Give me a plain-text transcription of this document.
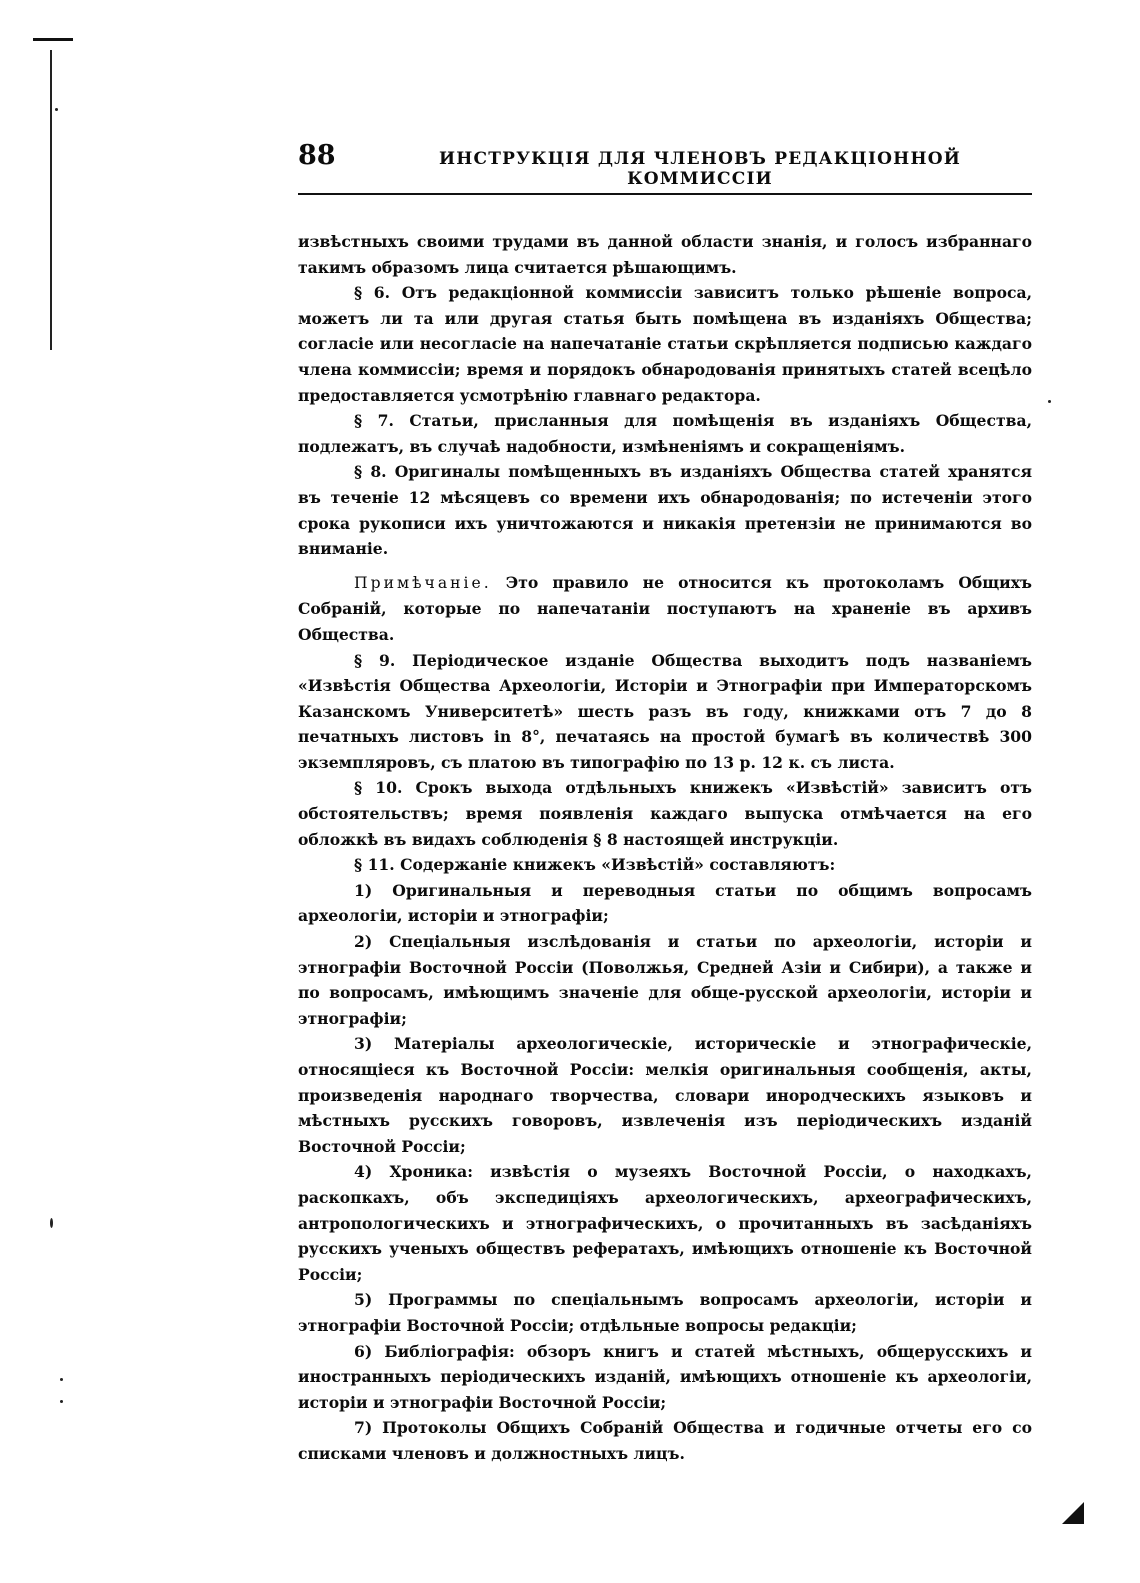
88	ИНСТРУКЦІЯ ДЛЯ ЧЛЕНОВЪ РЕДАКЦІОННОЙ КОММИССІИ

извѣстныхъ своими трудами въ данной области знанія, и голосъ избраннаго такимъ образомъ лица считается рѣшающимъ.

§ 6. Отъ редакціонной коммиссіи зависитъ только рѣшеніе вопроса, можетъ ли та или другая статья быть помѣщена въ изданіяхъ Общества; согласіе или несогласіе на напечатаніе статьи скрѣпляется подписью каждаго члена коммиссіи; время и порядокъ обнародованія принятыхъ статей всецѣло предоставляется усмотрѣнію главнаго редактора.

§ 7. Статьи, присланныя для помѣщенія въ изданіяхъ Общества, подлежатъ, въ случаѣ надобности, измѣненіямъ и сокращеніямъ.

§ 8. Оригиналы помѣщенныхъ въ изданіяхъ Общества статей хранятся въ теченіе 12 мѣсяцевъ со времени ихъ обнародованія; по истеченіи этого срока рукописи ихъ уничтожаются и никакія претензіи не принимаются во вниманіе.

Примѣчаніе. Это правило не относится къ протоколамъ Общихъ Собраній, которые по напечатаніи поступаютъ на храненіе въ архивъ Общества.

§ 9. Періодическое изданіе Общества выходитъ подъ названіемъ «Извѣстія Общества Археологіи, Исторіи и Этнографіи при Императорскомъ Казанскомъ Университетѣ» шесть разъ въ году, книжками отъ 7 до 8 печатныхъ листовъ in 8°, печатаясь на простой бумагѣ въ количествѣ 300 экземпляровъ, съ платою въ типографію по 13 р. 12 к. съ листа.

§ 10. Срокъ выхода отдѣльныхъ книжекъ «Извѣстій» зависитъ отъ обстоятельствъ; время появленія каждаго выпуска отмѣчается на его обложкѣ въ видахъ соблюденія § 8 настоящей инструкціи.

§ 11. Содержаніе книжекъ «Извѣстій» составляютъ:

1) Оригинальныя и переводныя статьи по общимъ вопросамъ археологіи, исторіи и этнографіи;

2) Спеціальныя изслѣдованія и статьи по археологіи, исторіи и этнографіи Восточной Россіи (Поволжья, Средней Азіи и Сибири), а также и по вопросамъ, имѣющимъ значеніе для обще-русской археологіи, исторіи и этнографіи;

3) Матеріалы археологическіе, историческіе и этнографическіе, относящіеся къ Восточной Россіи: мелкія оригинальныя сообщенія, акты, произведенія народнаго творчества, словари инородческихъ языковъ и мѣстныхъ русскихъ говоровъ, извлеченія изъ періодическихъ изданій Восточной Россіи;

4) Хроника: извѣстія о музеяхъ Восточной Россіи, о находкахъ, раскопкахъ, объ экспедиціяхъ археологическихъ, археографическихъ, антропологическихъ и этнографическихъ, о прочитанныхъ въ засѣданіяхъ русскихъ ученыхъ обществъ рефератахъ, имѣющихъ отношеніе къ Восточной Россіи;

5) Программы по спеціальнымъ вопросамъ археологіи, исторіи и этнографіи Восточной Россіи; отдѣльные вопросы редакціи;

6) Библіографія: обзоръ книгъ и статей мѣстныхъ, общерусскихъ и иностранныхъ періодическихъ изданій, имѣющихъ отношеніе къ археологіи, исторіи и этнографіи Восточной Россіи;

7) Протоколы Общихъ Собраній Общества и годичные отчеты его со списками членовъ и должностныхъ лицъ.
